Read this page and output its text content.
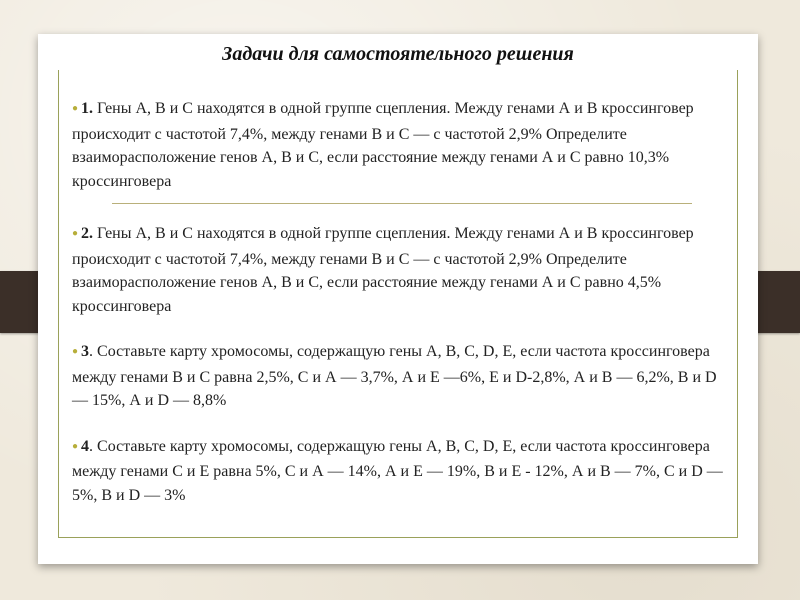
Задачи для самостоятельного решения

● 1. Гены А, В и С находятся в одной группе сцепления. Между генами А и В кроссинговер происходит с частотой 7,4%, между генами В и С — с частотой 2,9% Определите взаиморасположение генов А, В и С, если расстояние между генами А и С равно 10,3% кроссинговера

● 2. Гены А, В и С находятся в одной группе сцепления. Между генами А и В кроссинговер происходит с частотой 7,4%, между генами В и С — с частотой 2,9% Определите взаиморасположение генов А, В и С, если расстояние между генами А и С равно 4,5% кроссинговера

● 3. Составьте карту хромосомы, содержащую гены А, В, С, D, E, если частота кроссинговера между генами В и С равна 2,5%, С и А — 3,7%, А и Е —6%, Е и D-2,8%, А и В — 6,2%, В и D — 15%, А и D — 8,8%

● 4. Составьте карту хромосомы, содержащую гены А, В, С, D, E, если частота кроссинговера между генами С и Е равна 5%, С и А — 14%, А и Е — 19%, В и Е - 12%, А и В — 7%, С и D — 5%, В и D — 3%
